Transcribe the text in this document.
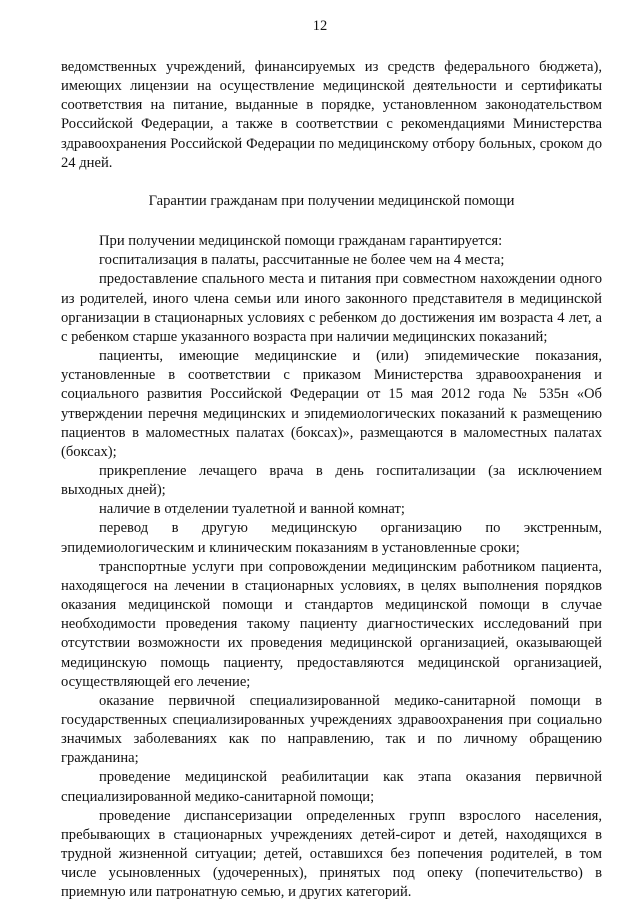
12

ведомственных учреждений, финансируемых из средств федерального бюджета), имеющих лицензии на осуществление медицинской деятельности и сертификаты соответствия на питание, выданные в порядке, установленном законодательством Российской Федерации, а также в соответствии с рекомендациями Министерства здравоохранения Российской Федерации по медицинскому отбору больных, сроком до 24 дней.

Гарантии гражданам при получении медицинской помощи

При получении медицинской помощи гражданам гарантируется:

госпитализация в палаты, рассчитанные не более чем на 4 места;

предоставление спального места и питания при совместном нахождении одного из родителей, иного члена семьи или иного законного представителя в медицинской организации в стационарных условиях с ребенком до достижения им возраста 4 лет, а с ребенком старше указанного возраста при наличии медицинских показаний;

пациенты, имеющие медицинские и (или) эпидемические показания, установленные в соответствии с приказом Министерства здравоохранения и социального развития Российской Федерации от 15 мая 2012 года № 535н «Об утверждении перечня медицинских и эпидемиологических показаний к размещению пациентов в маломестных палатах (боксах)», размещаются в маломестных палатах (боксах);

прикрепление лечащего врача в день госпитализации (за исключением выходных дней);

наличие в отделении туалетной и ванной комнат;

перевод в другую медицинскую организацию по экстренным, эпидемиологическим и клиническим показаниям в установленные сроки;

транспортные услуги при сопровождении медицинским работником пациента, находящегося на лечении в стационарных условиях, в целях выполнения порядков оказания медицинской помощи и стандартов медицинской помощи в случае необходимости проведения такому пациенту диагностических исследований при отсутствии возможности их проведения медицинской организацией, оказывающей медицинскую помощь пациенту, предоставляются медицинской организацией, осуществляющей его лечение;

оказание первичной специализированной медико-санитарной помощи в государственных специализированных учреждениях здравоохранения при социально значимых заболеваниях как по направлению, так и по личному обращению гражданина;

проведение медицинской реабилитации как этапа оказания первичной специализированной медико-санитарной помощи;

проведение диспансеризации определенных групп взрослого населения, пребывающих в стационарных учреждениях детей-сирот и детей, находящихся в трудной жизненной ситуации; детей, оставшихся без попечения родителей, в том числе усыновленных (удочеренных), принятых под опеку (попечительство) в приемную или патронатную семью, и других категорий.
